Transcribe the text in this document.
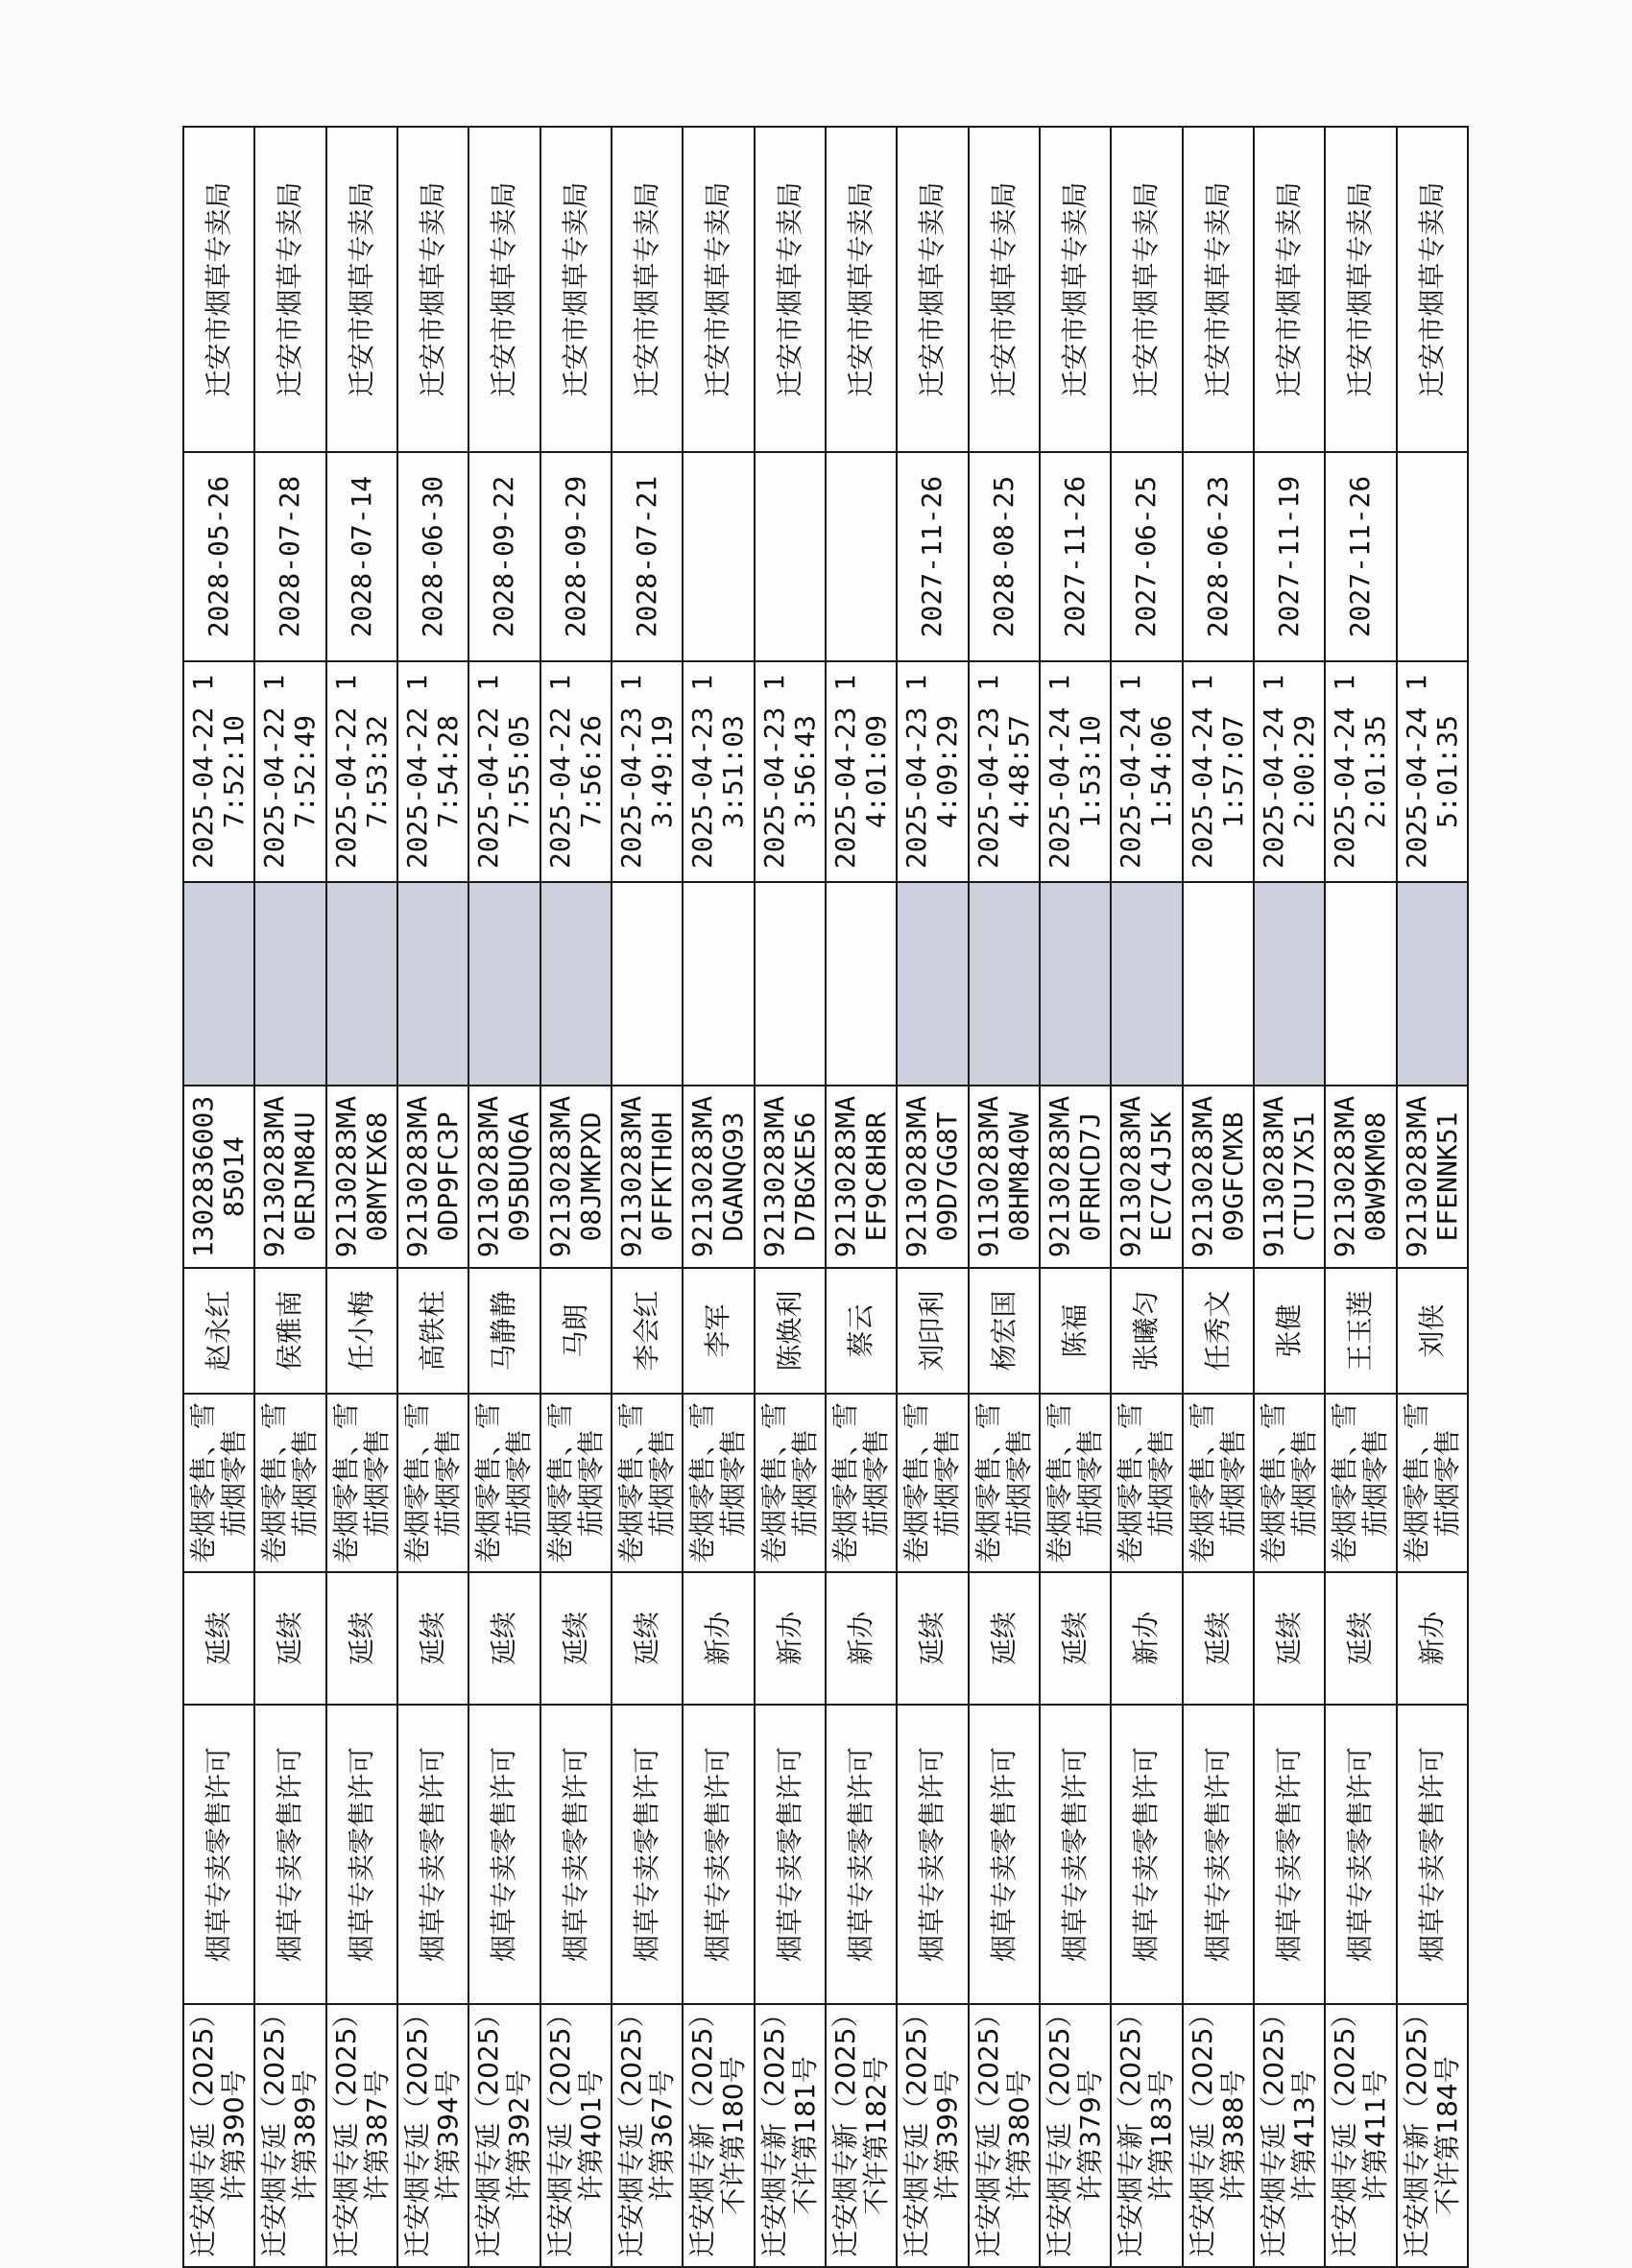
迁安烟专延（2025）许第390号	烟草专卖零售许可	延续	卷烟零售、雪茄烟零售	赵永红	130283600385014		2025-04-22 17:52:10	2028-05-26	迁安市烟草专卖局
迁安烟专延（2025）许第389号	烟草专卖零售许可	延续	卷烟零售、雪茄烟零售	侯雅南	92130283MA0ERJM84U		2025-04-22 17:52:49	2028-07-28	迁安市烟草专卖局
迁安烟专延（2025）许第387号	烟草专卖零售许可	延续	卷烟零售、雪茄烟零售	任小梅	92130283MA08MYEX68		2025-04-22 17:53:32	2028-07-14	迁安市烟草专卖局
迁安烟专延（2025）许第394号	烟草专卖零售许可	延续	卷烟零售、雪茄烟零售	高铁柱	92130283MA0DP9FC3P		2025-04-22 17:54:28	2028-06-30	迁安市烟草专卖局
迁安烟专延（2025）许第392号	烟草专卖零售许可	延续	卷烟零售、雪茄烟零售	马静静	92130283MA095BUQ6A		2025-04-22 17:55:05	2028-09-22	迁安市烟草专卖局
迁安烟专延（2025）许第401号	烟草专卖零售许可	延续	卷烟零售、雪茄烟零售	马朗	92130283MA08JMKPXD		2025-04-22 17:56:26	2028-09-29	迁安市烟草专卖局
迁安烟专延（2025）许第367号	烟草专卖零售许可	延续	卷烟零售、雪茄烟零售	李会红	92130283MA0FFKTH0H		2025-04-23 13:49:19	2028-07-21	迁安市烟草专卖局
迁安烟专新（2025）不许第180号	烟草专卖零售许可	新办	卷烟零售、雪茄烟零售	李军	92130283MADGANQG93		2025-04-23 13:51:03		迁安市烟草专卖局
迁安烟专新（2025）不许第181号	烟草专卖零售许可	新办	卷烟零售、雪茄烟零售	陈焕利	92130283MAD7BGXE56		2025-04-23 13:56:43		迁安市烟草专卖局
迁安烟专新（2025）不许第182号	烟草专卖零售许可	新办	卷烟零售、雪茄烟零售	蔡云	92130283MAEF9C8H8R		2025-04-23 14:01:09		迁安市烟草专卖局
迁安烟专延（2025）许第399号	烟草专卖零售许可	延续	卷烟零售、雪茄烟零售	刘印利	92130283MA09D7GG8T		2025-04-23 14:09:29	2027-11-26	迁安市烟草专卖局
迁安烟专延（2025）许第380号	烟草专卖零售许可	延续	卷烟零售、雪茄烟零售	杨宏国	91130283MA08HM840W		2025-04-23 14:48:57	2028-08-25	迁安市烟草专卖局
迁安烟专延（2025）许第379号	烟草专卖零售许可	延续	卷烟零售、雪茄烟零售	陈福	92130283MA0FRHCD7J		2025-04-24 11:53:10	2027-11-26	迁安市烟草专卖局
迁安烟专新（2025）许第183号	烟草专卖零售许可	新办	卷烟零售、雪茄烟零售	张曦匀	92130283MAEC7C4J5K		2025-04-24 11:54:06	2027-06-25	迁安市烟草专卖局
迁安烟专延（2025）许第388号	烟草专卖零售许可	延续	卷烟零售、雪茄烟零售	任秀文	92130283MA09GFCMXB		2025-04-24 11:57:07	2028-06-23	迁安市烟草专卖局
迁安烟专延（2025）许第413号	烟草专卖零售许可	延续	卷烟零售、雪茄烟零售	张健	91130283MACTUJ7X51		2025-04-24 12:00:29	2027-11-19	迁安市烟草专卖局
迁安烟专延（2025）许第411号	烟草专卖零售许可	延续	卷烟零售、雪茄烟零售	王玉莲	92130283MA08W9KM08		2025-04-24 12:01:35	2027-11-26	迁安市烟草专卖局
迁安烟专新（2025）不许第184号	烟草专卖零售许可	新办	卷烟零售、雪茄烟零售	刘侠	92130283MAEFENNK51		2025-04-24 15:01:35		迁安市烟草专卖局
